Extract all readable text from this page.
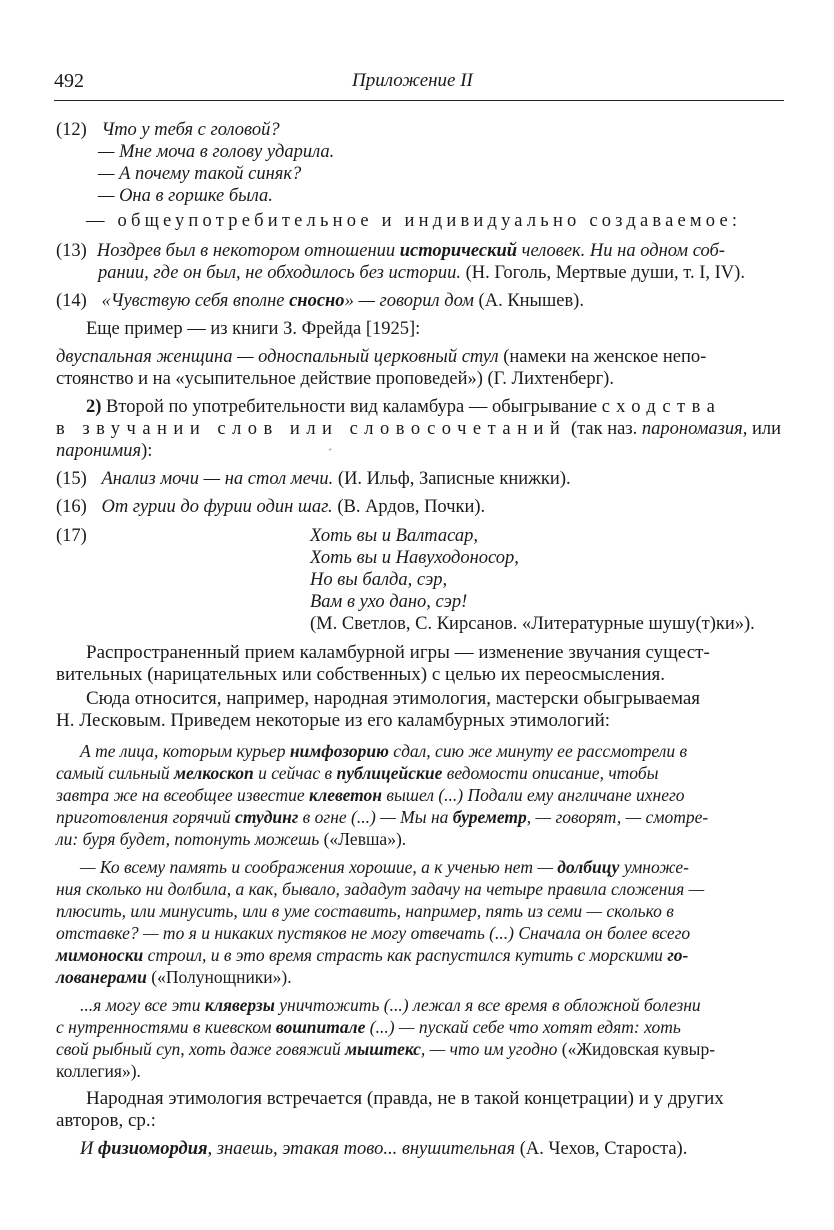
492	Приложение II
(12) Что у тебя с головой?
— Мне моча в голову ударила.
— А почему такой синяк?
— Она в горшке была.
— общеупотребительное и индивидуально создаваемое:
(13) Ноздрев был в некотором отношении исторический человек. Ни на одном соб-
рании, где он был, не обходилось без истории. (Н. Гоголь, Мертвые души, т. I, IV).
(14) «Чувствую себя вполне сносно» — говорил дом (А. Кнышев).
Еще пример — из книги З. Фрейда [1925]:
двуспальная женщина — односпальный церковный стул (намеки на женское непо-
стоянство и на «усыпительное действие проповедей») (Г. Лихтенберг).
2) Второй по употребительности вид каламбура — обыгрывание сходства
в звучании слов или словосочетаний (так наз. парономазия, или
паронимия):	ˊ
(15) Анализ мочи — на стол мечи. (И. Ильф, Записные книжки).
(16) От гурии до фурии один шаг. (В. Ардов, Почки).
(17)	Хоть вы и Валтасар,
Хоть вы и Навуходоносор,
Но вы балда, сэр,
Вам в ухо дано, сэр!
(М. Светлов, С. Кирсанов. «Литературные шушу(т)ки»).
Распространенный прием каламбурной игры — изменение звучания сущест-
вительных (нарицательных или собственных) с целью их переосмысления.
Сюда относится, например, народная этимология, мастерски обыгрываемая
Н. Лесковым. Приведем некоторые из его каламбурных этимологий:
А те лица, которым курьер нимфозорию сдал, сию же минуту ее рассмотрели в
самый сильный мелкоскоп и сейчас в публицейские ведомости описание, чтобы
завтра же на всеобщее известие клеветон вышел (...) Подали ему англичане ихнего
приготовления горячий студинг в огне (...) — Мы на буреметр, — говорят, — смотре-
ли: буря будет, потонуть можешь («Левша»).
— Ко всему память и соображения хорошие, а к ученью нет — долбицу умноже-
ния сколько ни долбила, а как, бывало, зададут задачу на четыре правила сложения —
плюсить, или минусить, или в уме составить, например, пять из семи — сколько в
отставке? — то я и никаких пустяков не могу отвечать (...) Сначала он более всего
мимоноски строил, и в это время страсть как распустился кутить с морскими го-
лованерами («Полунощники»).
...я могу все эти кляверзы уничтожить (...) лежал я все время в обложной болезни
с нутренностями в киевском вошпитале (...) — пускай себе что хотят едят: хоть
свой рыбный суп, хоть даже говяжий мыштекс, — что им угодно («Жидовская кувыр-
коллегия»).
Народная этимология встречается (правда, не в такой концетрации) и у других
авторов, ср.:
И физиомордия, знаешь, этакая тово... внушительная (А. Чехов, Староста).
